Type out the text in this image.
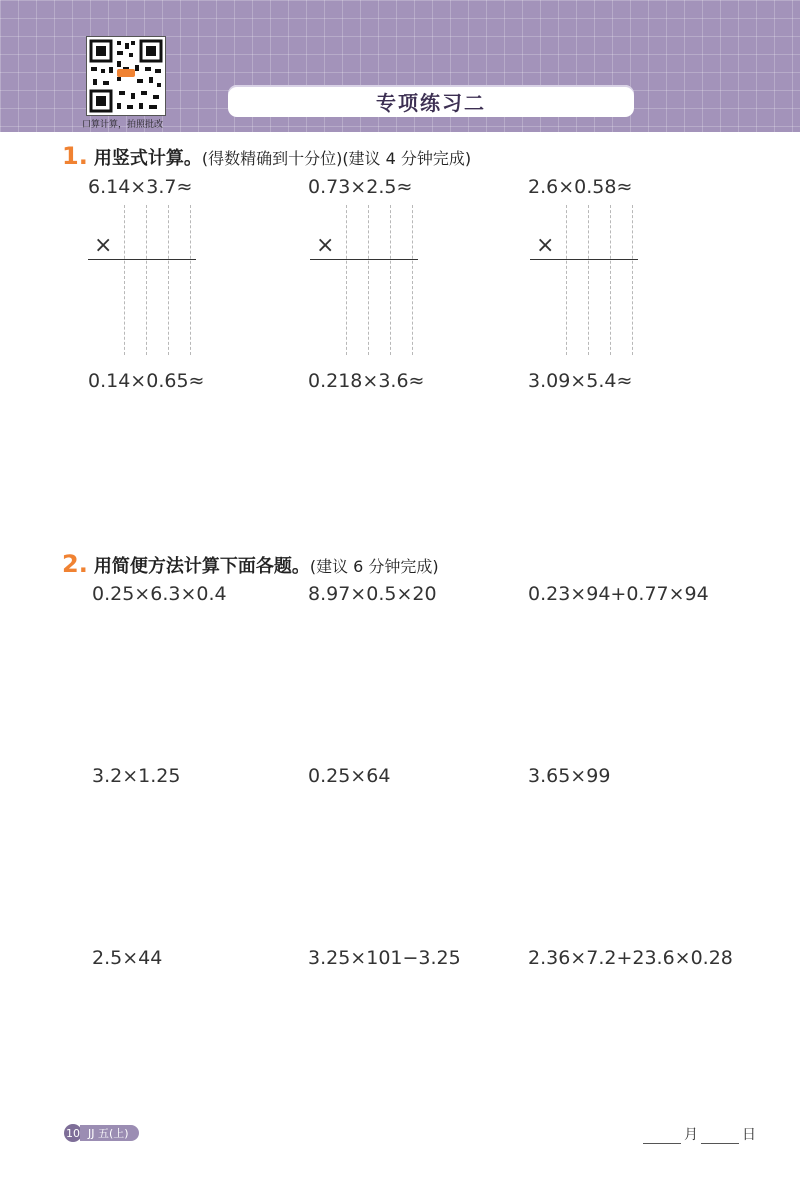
口算计算，拍照批改
专项练习二
1. 用竖式计算。 (得数精确到十分位)(建议 4 分钟完成)
6.14×3.7≈	0.73×2.5≈	2.6×0.58≈
×	×	×
0.14×0.65≈	0.218×3.6≈	3.09×5.4≈
2. 用简便方法计算下面各题。 (建议 6 分钟完成)
0.25×6.3×0.4	8.97×0.5×20	0.23×94+0.77×94
3.2×1.25	0.25×64	3.65×99
2.5×44	3.25×101−3.25	2.36×7.2+23.6×0.28
10 JJ 五(上)	月	日
